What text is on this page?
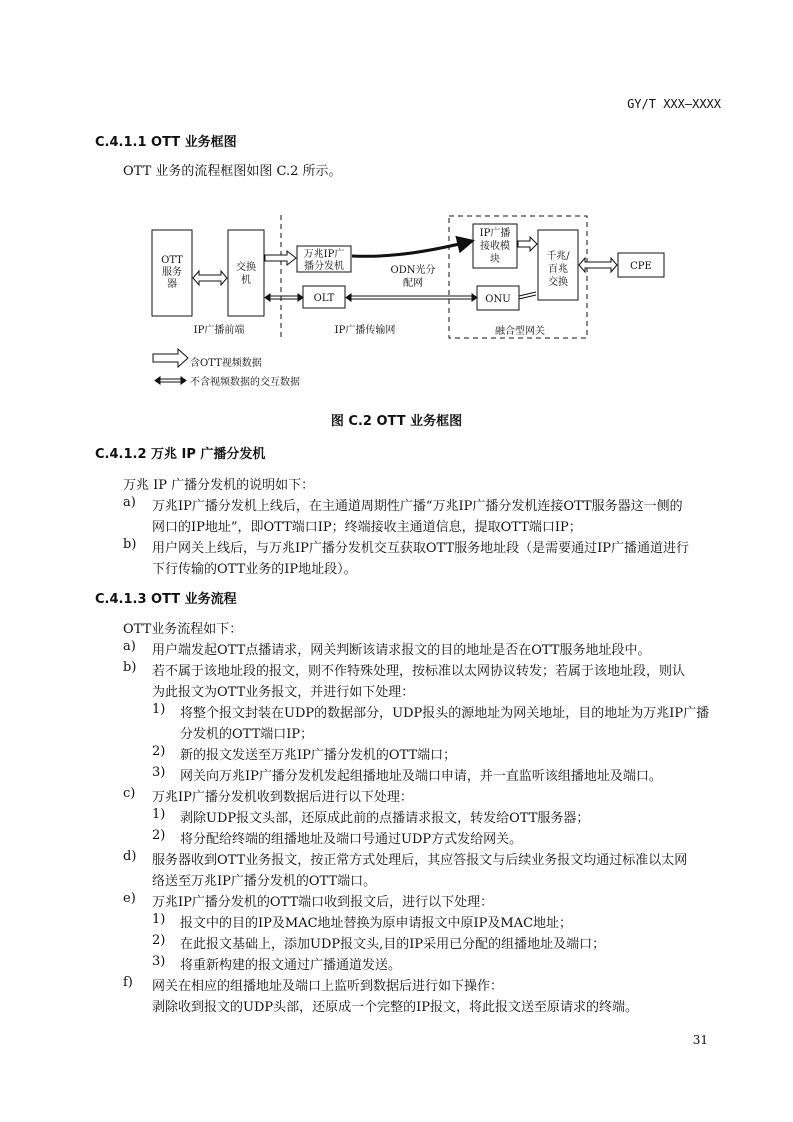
GY/T XXX—XXXX
C.4.1.1 OTT 业务框图
OTT 业务的流程框图如图 C.2 所示。
OTT
服务
器
交换
机
万兆IP广
播分发机
OLT
ODN光分
配网
IP广播
接收模
块
ONU
千兆/
百兆
交换
CPE
IP广播前端	IP广播传输网	融合型网关
含OTT视频数据
不含视频数据的交互数据
图 C.2 OTT 业务框图
C.4.1.2 万兆 IP 广播分发机
万兆 IP 广播分发机的说明如下：
a) 万兆IP广播分发机上线后，在主通道周期性广播“万兆IP广播分发机连接OTT服务器这一侧的
网口的IP地址”，即OTT端口IP；终端接收主通道信息，提取OTT端口IP；
b) 用户网关上线后，与万兆IP广播分发机交互获取OTT服务地址段（是需要通过IP广播通道进行
下行传输的OTT业务的IP地址段）。
C.4.1.3 OTT 业务流程
OTT业务流程如下：
a) 用户端发起OTT点播请求，网关判断该请求报文的目的地址是否在OTT服务地址段中。
b) 若不属于该地址段的报文，则不作特殊处理，按标准以太网协议转发；若属于该地址段，则认
为此报文为OTT业务报文，并进行如下处理：
1) 将整个报文封装在UDP的数据部分，UDP报头的源地址为网关地址，目的地址为万兆IP广播
分发机的OTT端口IP；
2) 新的报文发送至万兆IP广播分发机的OTT端口；
3) 网关向万兆IP广播分发机发起组播地址及端口申请，并一直监听该组播地址及端口。
c) 万兆IP广播分发机收到数据后进行以下处理：
1) 剥除UDP报文头部，还原成此前的点播请求报文，转发给OTT服务器；
2) 将分配给终端的组播地址及端口号通过UDP方式发给网关。
d) 服务器收到OTT业务报文，按正常方式处理后，其应答报文与后续业务报文均通过标准以太网
络送至万兆IP广播分发机的OTT端口。
e) 万兆IP广播分发机的OTT端口收到报文后，进行以下处理：
1) 报文中的目的IP及MAC地址替换为原申请报文中原IP及MAC地址；
2) 在此报文基础上，添加UDP报文头,目的IP采用已分配的组播地址及端口；
3) 将重新构建的报文通过广播通道发送。
f) 网关在相应的组播地址及端口上监听到数据后进行如下操作：
剥除收到报文的UDP头部，还原成一个完整的IP报文，将此报文送至原请求的终端。
31
